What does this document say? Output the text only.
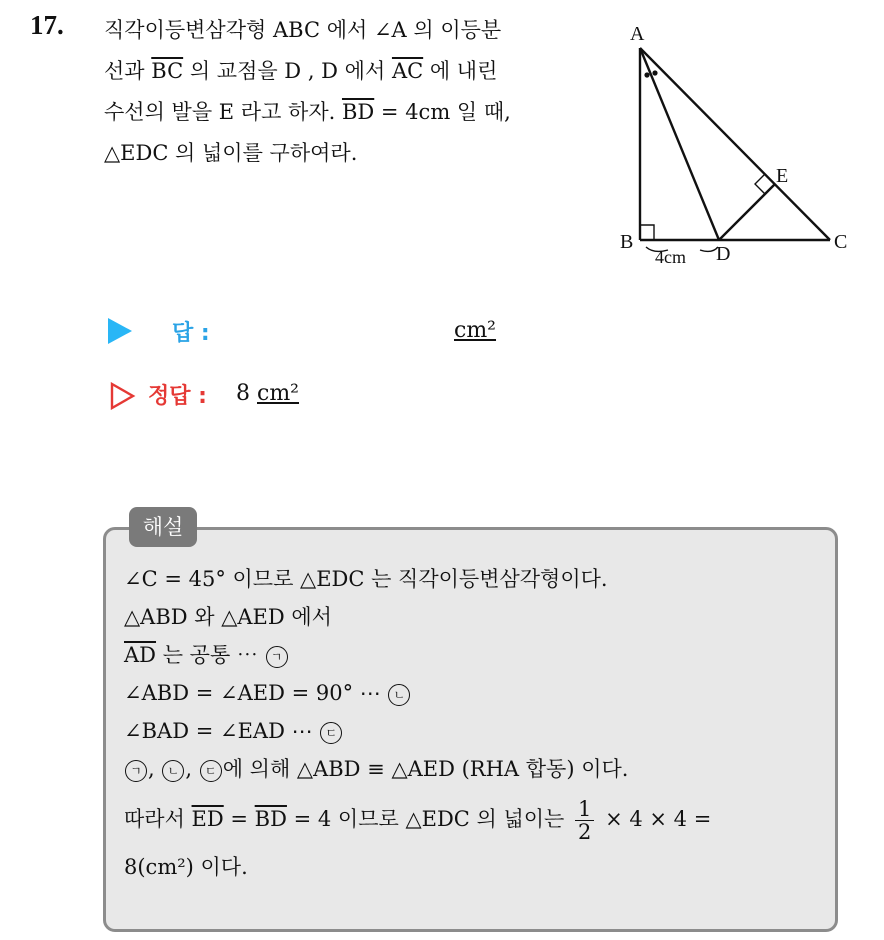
17. 직각이등변삼각형 ABC 에서 ∠A 의 이등분
선과 $\overline{BC}$ 의 교점을 D , D 에서 $\overline{AC}$ 에 내린
수선의 발을 E 라고 하자. $\overline{BD} = 4cm$ 일 때,
△EDC 의 넓이를 구하여라.
A
B	C
D
E
4cm
답 :	cm²
정답 : 8 cm²
해설
∠C = 45° 이므로 △EDC 는 직각이등변삼각형이다.
△ABD 와 △AED 에서
$\overline{AD}$ 는 공통 ⋯ ㄱ
∠ABD = ∠AED = 90° ⋯ ㄴ
∠BAD = ∠EAD ⋯ ㄷ
ㄱ , ㄴ , ㄷ 에 의해 △ABD ≡ △AED (RHA 합동) 이다.
따라서 $\overline{ED} = \overline{BD} = 4$ 이므로 △EDC 의 넓이는 $\frac{1}{2} \times 4 \times 4$ =
8(cm²) 이다.
